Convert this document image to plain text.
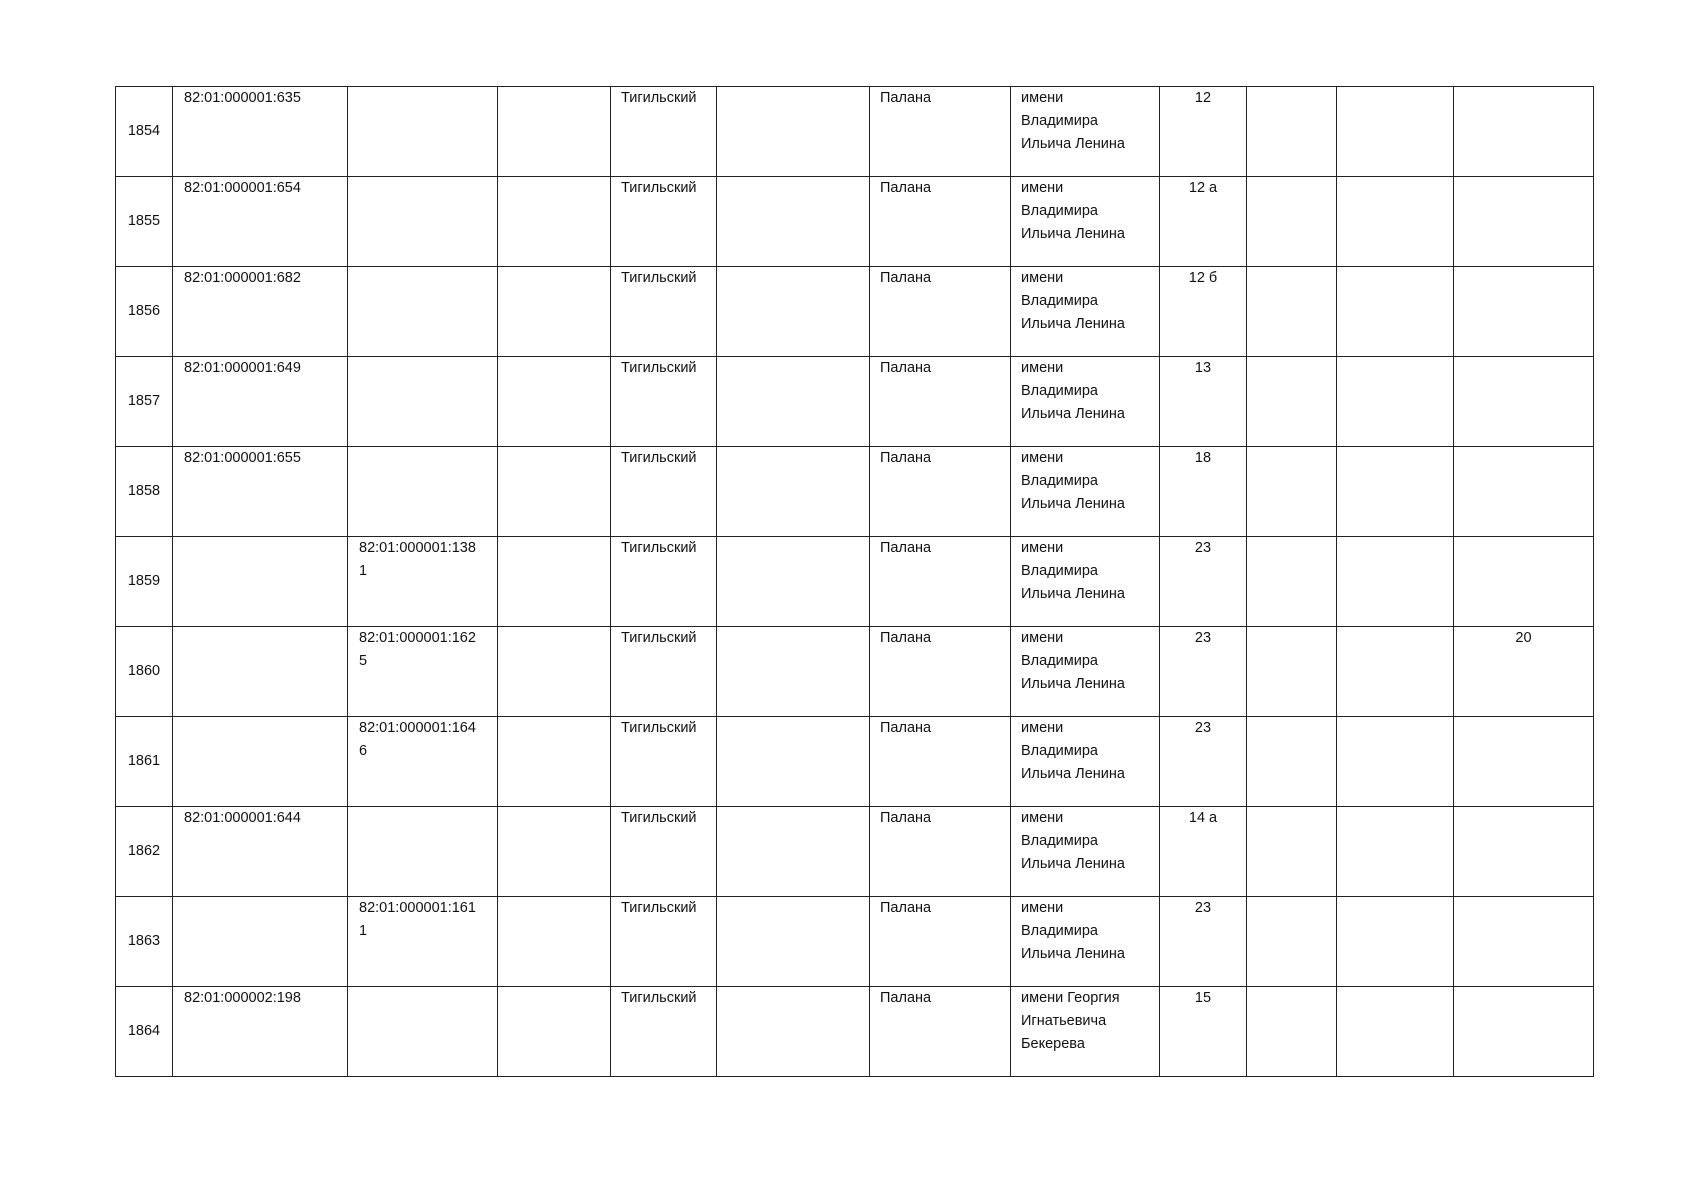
1854	82:01:000001:635			Тигильский		Палана	имени
Владимира
Ильича Ленина	12			

1855	82:01:000001:654			Тигильский		Палана	имени
Владимира
Ильича Ленина	12 а			

1856	82:01:000001:682			Тигильский		Палана	имени
Владимира
Ильича Ленина	12 б			

1857	82:01:000001:649			Тигильский		Палана	имени
Владимира
Ильича Ленина	13			

1858	82:01:000001:655			Тигильский		Палана	имени
Владимира
Ильича Ленина	18			

1859		82:01:000001:138
1		Тигильский		Палана	имени
Владимира
Ильича Ленина	23			

1860		82:01:000001:162
5		Тигильский		Палана	имени
Владимира
Ильича Ленина	23			20

1861		82:01:000001:164
6		Тигильский		Палана	имени
Владимира
Ильича Ленина	23			

1862	82:01:000001:644			Тигильский		Палана	имени
Владимира
Ильича Ленина	14 а			

1863		82:01:000001:161
1		Тигильский		Палана	имени
Владимира
Ильича Ленина	23			

1864	82:01:000002:198			Тигильский		Палана	имени Георгия
Игнатьевича
Бекерева	15			
